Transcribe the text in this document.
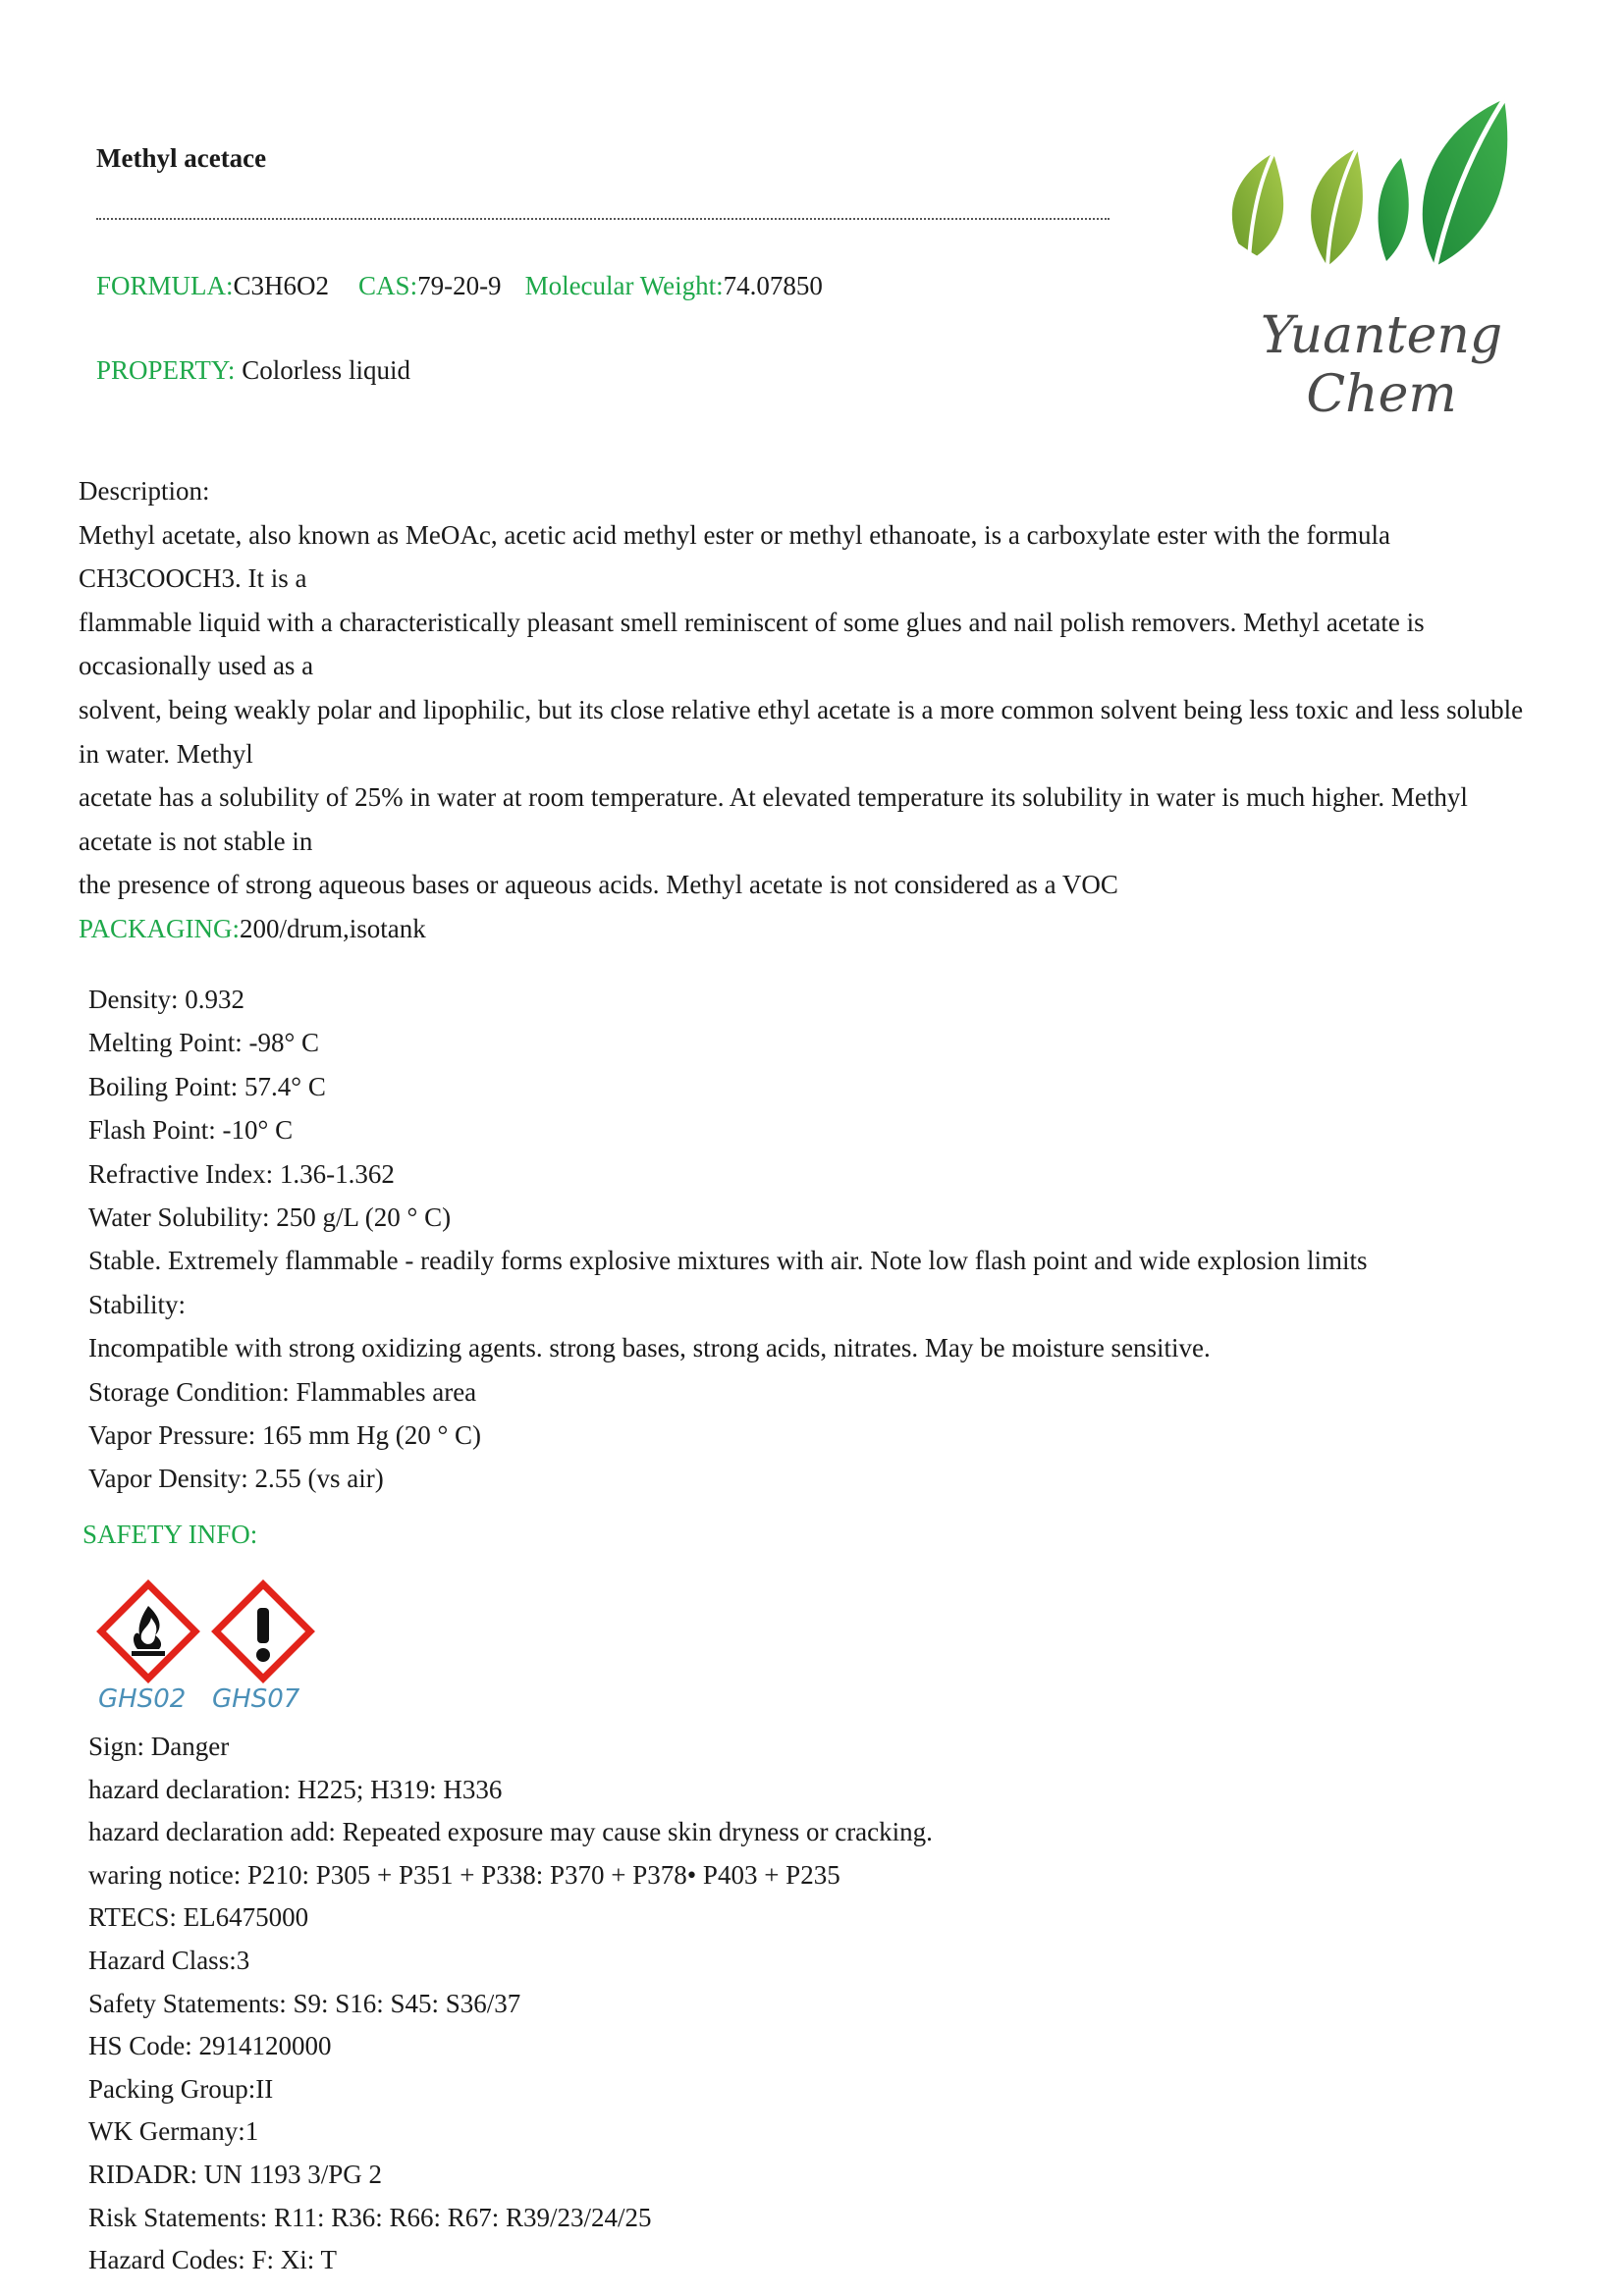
Methyl acetace
FORMULA:C3H6O2 CAS:79-20-9 Molecular Weight:74.07850
PROPERTY: Colorless liquid
Yuanteng Chem

Description:

Methyl acetate, also known as MeOAc, acetic acid methyl ester or methyl ethanoate, is a carboxylate ester with the formula CH3COOCH3. It is a

flammable liquid with a characteristically pleasant smell reminiscent of some glues and nail polish removers. Methyl acetate is occasionally used as a

solvent, being weakly polar and lipophilic, but its close relative ethyl acetate is a more common solvent being less toxic and less soluble in water. Methyl

acetate has a solubility of 25% in water at room temperature. At elevated temperature its solubility in water is much higher. Methyl acetate is not stable in

the presence of strong aqueous bases or aqueous acids. Methyl acetate is not considered as a VOC

PACKAGING:200/drum,isotank

Density: 0.932

Melting Point: -98° C

Boiling Point: 57.4° C

Flash Point: -10° C

Refractive Index: 1.36-1.362

Water Solubility: 250 g/L (20 ° C)

Stable. Extremely flammable - readily forms explosive mixtures with air. Note low flash point and wide explosion limits

Stability:

Incompatible with strong oxidizing agents. strong bases, strong acids, nitrates. May be moisture sensitive.

Storage Condition: Flammables area

Vapor Pressure: 165 mm Hg (20 ° C)

Vapor Density: 2.55 (vs air)

SAFETY INFO:
GHS02 GHS07

Sign: Danger

hazard declaration: H225; H319: H336

hazard declaration add: Repeated exposure may cause skin dryness or cracking.

waring notice: P210: P305 + P351 + P338: P370 + P378• P403 + P235

RTECS: EL6475000

Hazard Class:3

Safety Statements: S9: S16: S45: S36/37

HS Code: 2914120000

Packing Group:II

WK Germany:1

RIDADR: UN 1193 3/PG 2

Risk Statements: R11: R36: R66: R67: R39/23/24/25

Hazard Codes: F: Xi: T
